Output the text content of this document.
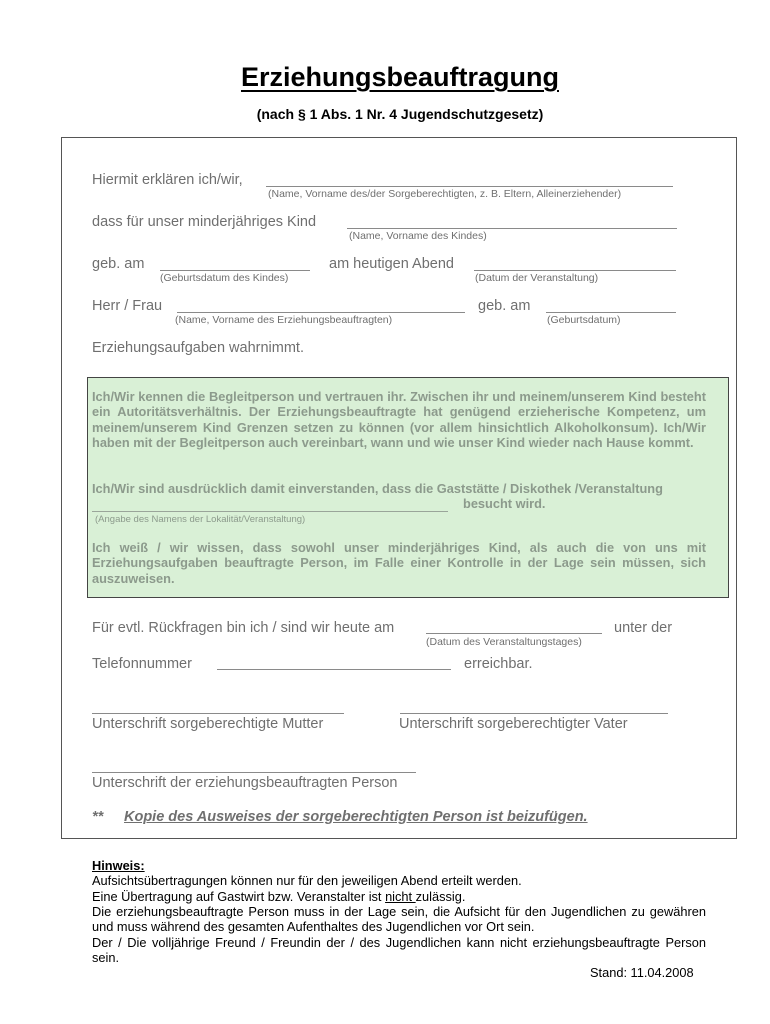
Erziehungsbeauftragung
(nach § 1 Abs. 1 Nr. 4 Jugendschutzgesetz)
Hiermit erklären ich/wir,
(Name, Vorname des/der Sorgeberechtigten, z. B. Eltern, Alleinerziehender)
dass für unser minderjähriges Kind
(Name, Vorname des Kindes)
geb. am
(Geburtsdatum des Kindes)
am heutigen Abend
(Datum der Veranstaltung)
Herr / Frau
(Name, Vorname des Erziehungsbeauftragten)
geb. am
(Geburtsdatum)
Erziehungsaufgaben wahrnimmt.
Ich/Wir kennen die Begleitperson und vertrauen ihr. Zwischen ihr und meinem/unserem Kind besteht ein Autoritätsverhältnis. Der Erziehungsbeauftragte hat genügend erzieherische Kompetenz, um meinem/unserem Kind Grenzen setzen zu können (vor allem hinsichtlich Alkoholkonsum). Ich/Wir haben mit der Begleitperson auch vereinbart, wann und wie unser Kind wieder nach Hause kommt.
Ich/Wir sind ausdrücklich damit einverstanden, dass die Gaststätte / Diskothek /Veranstaltung
besucht wird.
(Angabe des Namens der Lokalität/Veranstaltung)
Ich weiß / wir wissen, dass sowohl unser minderjähriges Kind, als auch die von uns mit Erziehungsaufgaben beauftragte Person, im Falle einer Kontrolle in der Lage sein müssen, sich auszuweisen.
Für evtl. Rückfragen bin ich / sind wir heute am
(Datum des Veranstaltungstages)
unter der
Telefonnummer	erreichbar.
Unterschrift sorgeberechtigte Mutter	Unterschrift sorgeberechtigter Vater
Unterschrift der erziehungsbeauftragten Person
** Kopie des Ausweises der sorgeberechtigten Person ist beizufügen.
Hinweis:
Aufsichtsübertragungen können nur für den jeweiligen Abend erteilt werden.
Eine Übertragung auf Gastwirt bzw. Veranstalter ist nicht zulässig.
Die erziehungsbeauftragte Person muss in der Lage sein, die Aufsicht für den Jugendlichen zu gewähren und muss während des gesamten Aufenthaltes des Jugendlichen vor Ort sein.
Der / Die volljährige Freund / Freundin der / des Jugendlichen kann nicht erziehungsbeauftragte Person sein.
Stand: 11.04.2008
